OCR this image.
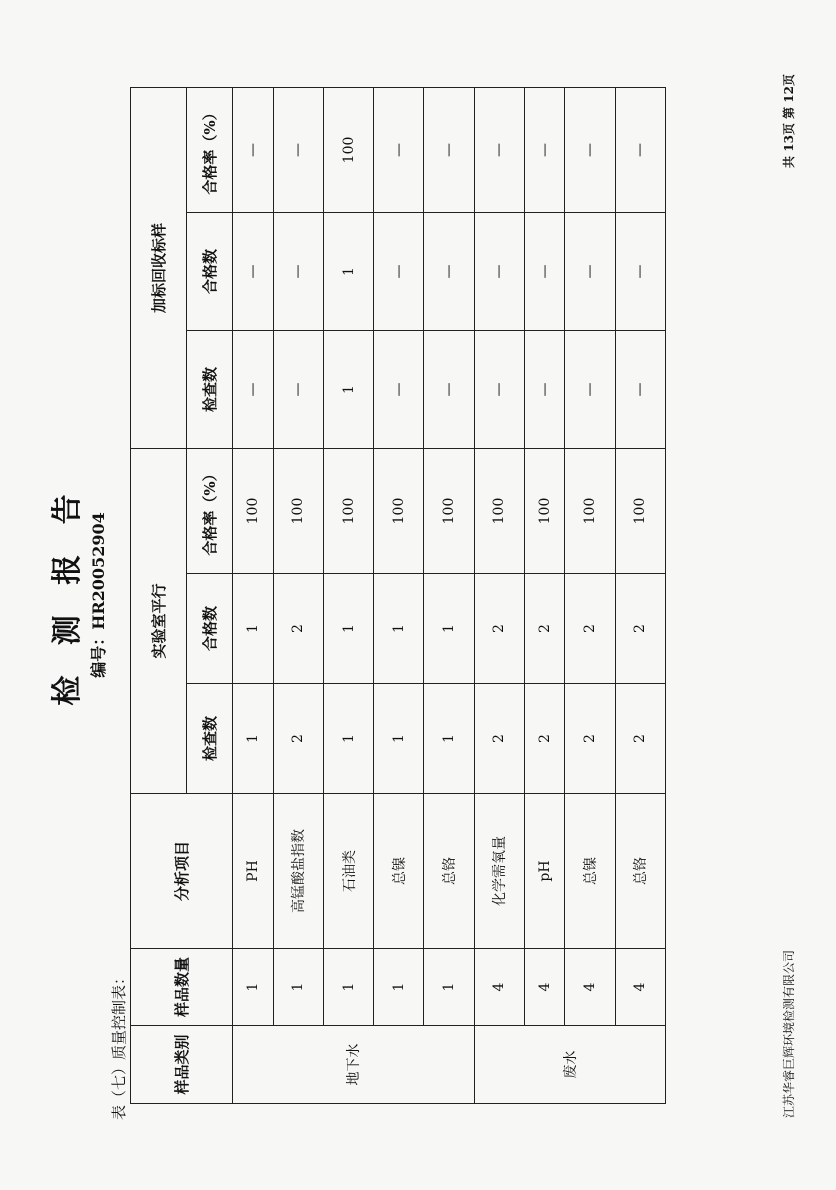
检 测 报 告 编号：HR20052904
表（七）质量控制表：	样品类别	样品数量	分析项目	实验室平行			加标回收标样		
			检查数	合格数	合格率（%）	检查数	合格数	合格率（%）
地下水	1	PH	1	1	100	—	—	—
	1	高锰酸盐指数	2	2	100	—	—	—
	1	石油类	1	1	100	1	1	100
	1	总镍	1	1	100	—	—	—
	1	总铬	1	1	100	—	—	—
废水	4	化学需氧量	2	2	100	—	—	—
	4	pH	2	2	100	—	—	—
	4	总镍	2	2	100	—	—	—
	4	总铬	2	2	100	—	—	—
江苏华睿巨辉环境检测有限公司
共 13页 第 12页
